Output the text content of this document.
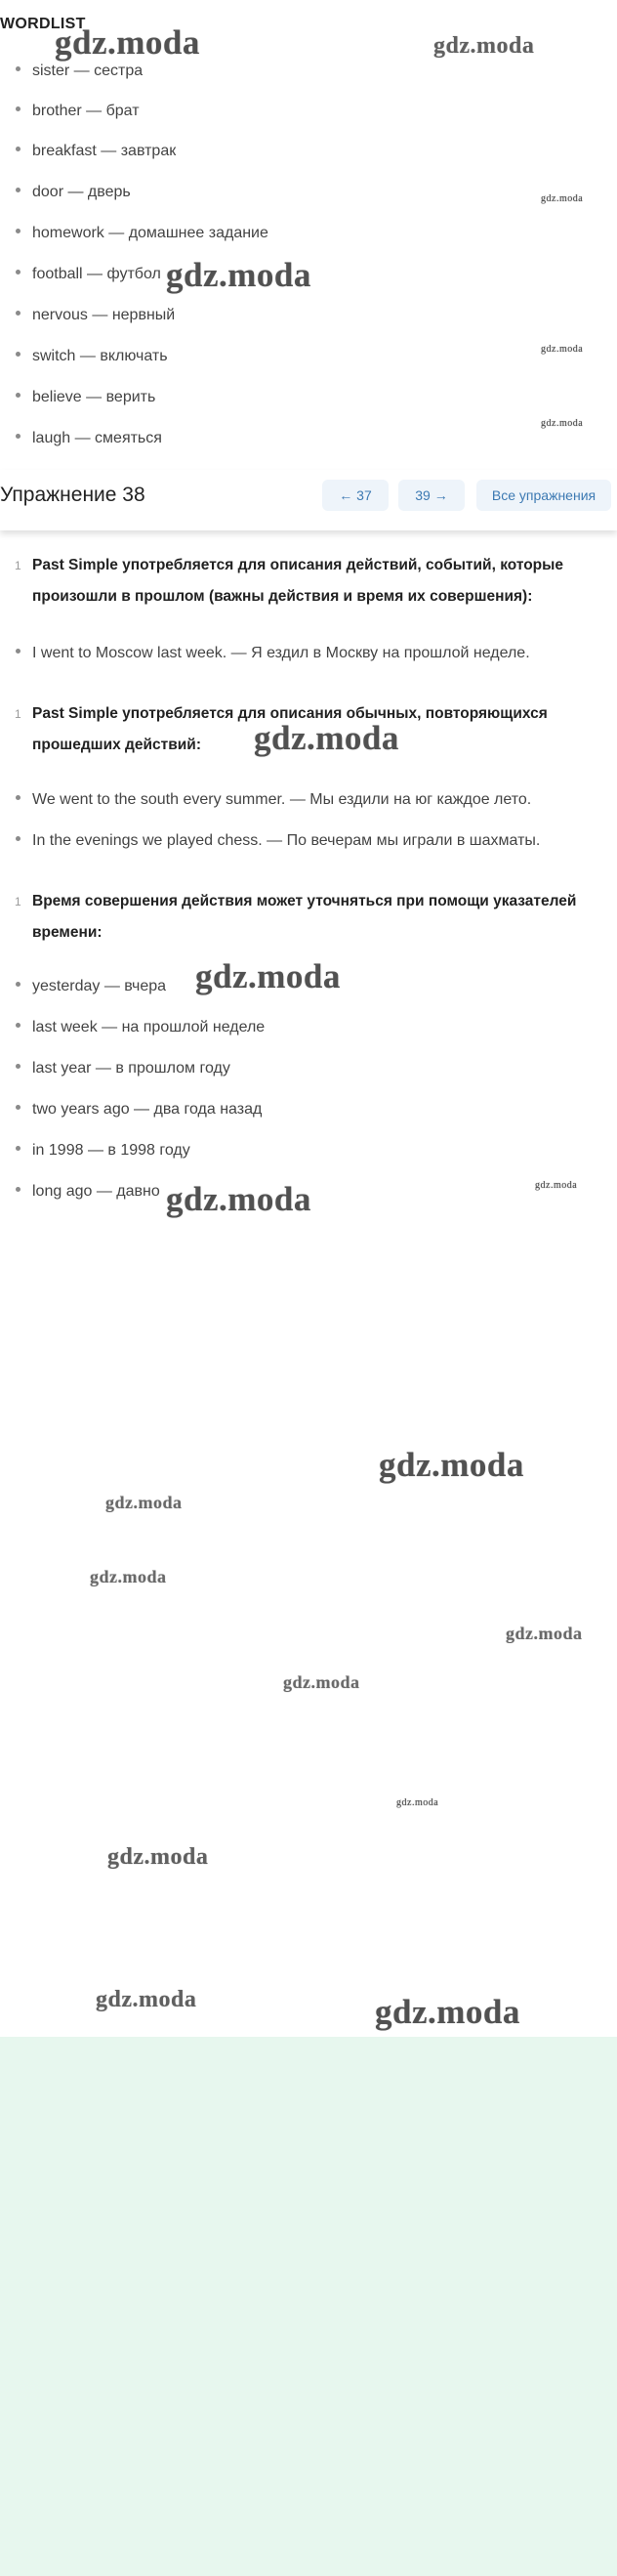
gdz.moda	gdz.moda
gdz.moda
gdz.moda
gdz.moda
gdz.moda
gdz.moda
gdz.moda
gdz.moda	gdz.moda
gdz.moda
gdz.moda
gdz.moda
gdz.moda
gdz.moda
gdz.moda
gdz.moda
gdz.moda
gdz.moda
WORDLIST
sister — сестра
brother — брат
breakfast — завтрак
door — дверь
homework — домашнее задание
football — футбол
nervous — нервный
switch — включать
believe — верить
laugh — смеяться
Упражнение 38	← 37	39 →	Все упражнения
1 Past Simple употребляется для описания действий, событий, которые произошли в прошлом (важны действия и время их совершения):
I went to Moscow last week. — Я ездил в Москву на прошлой неделе.
1 Past Simple употребляется для описания обычных, повторяющихся прошедших действий:
We went to the south every summer. — Мы ездили на юг каждое лето.
In the evenings we played chess. — По вечерам мы играли в шахматы.
1 Время совершения действия может уточняться при помощи указателей времени:
yesterday — вчера
last week — на прошлой неделе
last year — в прошлом году
two years ago — два года назад
in 1998 — в 1998 году
long ago — давно
